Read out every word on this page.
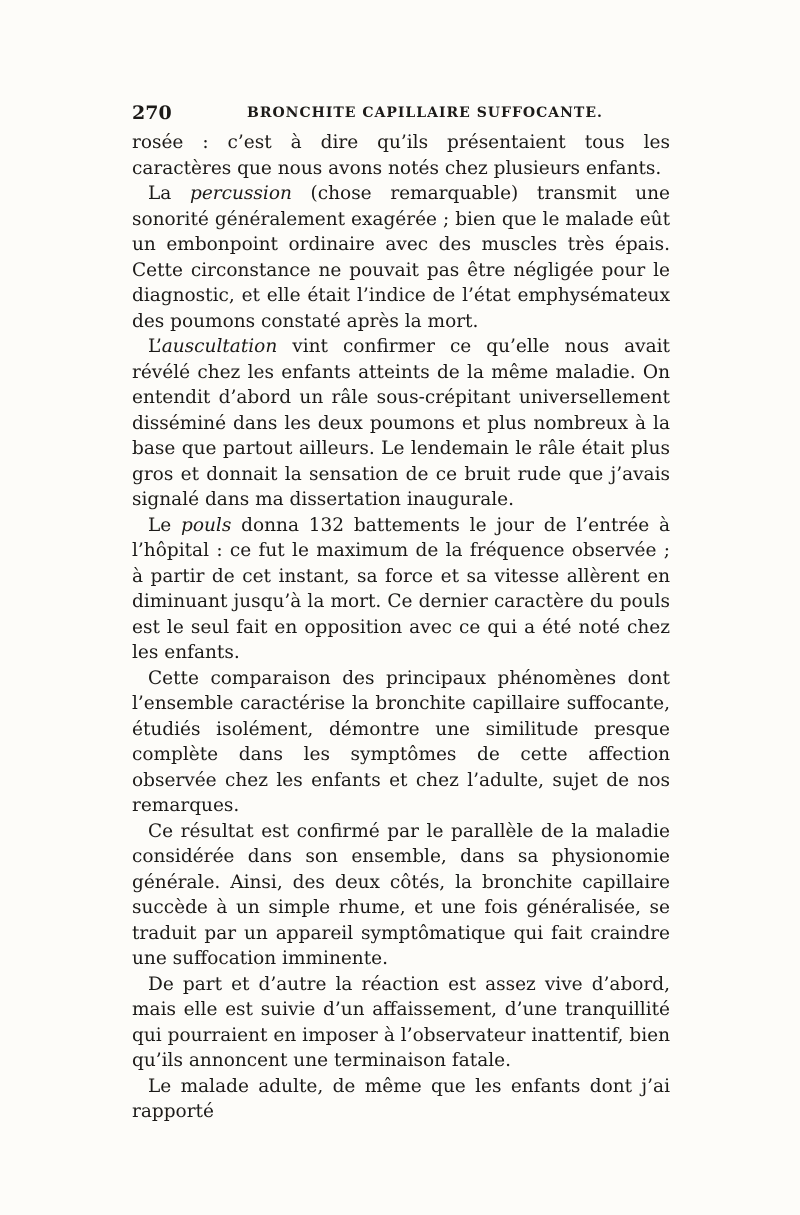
270	BRONCHITE CAPILLAIRE SUFFOCANTE.

rosée : c’est à dire qu’ils présentaient tous les caractères que nous avons notés chez plusieurs enfants.

La percussion (chose remarquable) transmit une sonorité généralement exagérée ; bien que le malade eût un embonpoint ordinaire avec des muscles très épais. Cette circonstance ne pouvait pas être négligée pour le diagnostic, et elle était l’indice de l’état emphysémateux des poumons constaté après la mort.

L’auscultation vint confirmer ce qu’elle nous avait révélé chez les enfants atteints de la même maladie. On entendit d’abord un râle sous-crépitant universellement disséminé dans les deux poumons et plus nombreux à la base que partout ailleurs. Le lendemain le râle était plus gros et donnait la sensation de ce bruit rude que j’avais signalé dans ma dissertation inaugurale.

Le pouls donna 132 battements le jour de l’entrée à l’hôpital : ce fut le maximum de la fréquence observée ; à partir de cet instant, sa force et sa vitesse allèrent en diminuant jusqu’à la mort. Ce dernier caractère du pouls est le seul fait en opposition avec ce qui a été noté chez les enfants.

Cette comparaison des principaux phénomènes dont l’ensemble caractérise la bronchite capillaire suffocante, étudiés isolément, démontre une similitude presque complète dans les symptômes de cette affection observée chez les enfants et chez l’adulte, sujet de nos remarques.

Ce résultat est confirmé par le parallèle de la maladie considérée dans son ensemble, dans sa physionomie générale. Ainsi, des deux côtés, la bronchite capillaire succède à un simple rhume, et une fois généralisée, se traduit par un appareil symptômatique qui fait craindre une suffocation imminente.

De part et d’autre la réaction est assez vive d’abord, mais elle est suivie d’un affaissement, d’une tranquillité qui pourraient en imposer à l’observateur inattentif, bien qu’ils annoncent une terminaison fatale.

Le malade adulte, de même que les enfants dont j’ai rapporté
